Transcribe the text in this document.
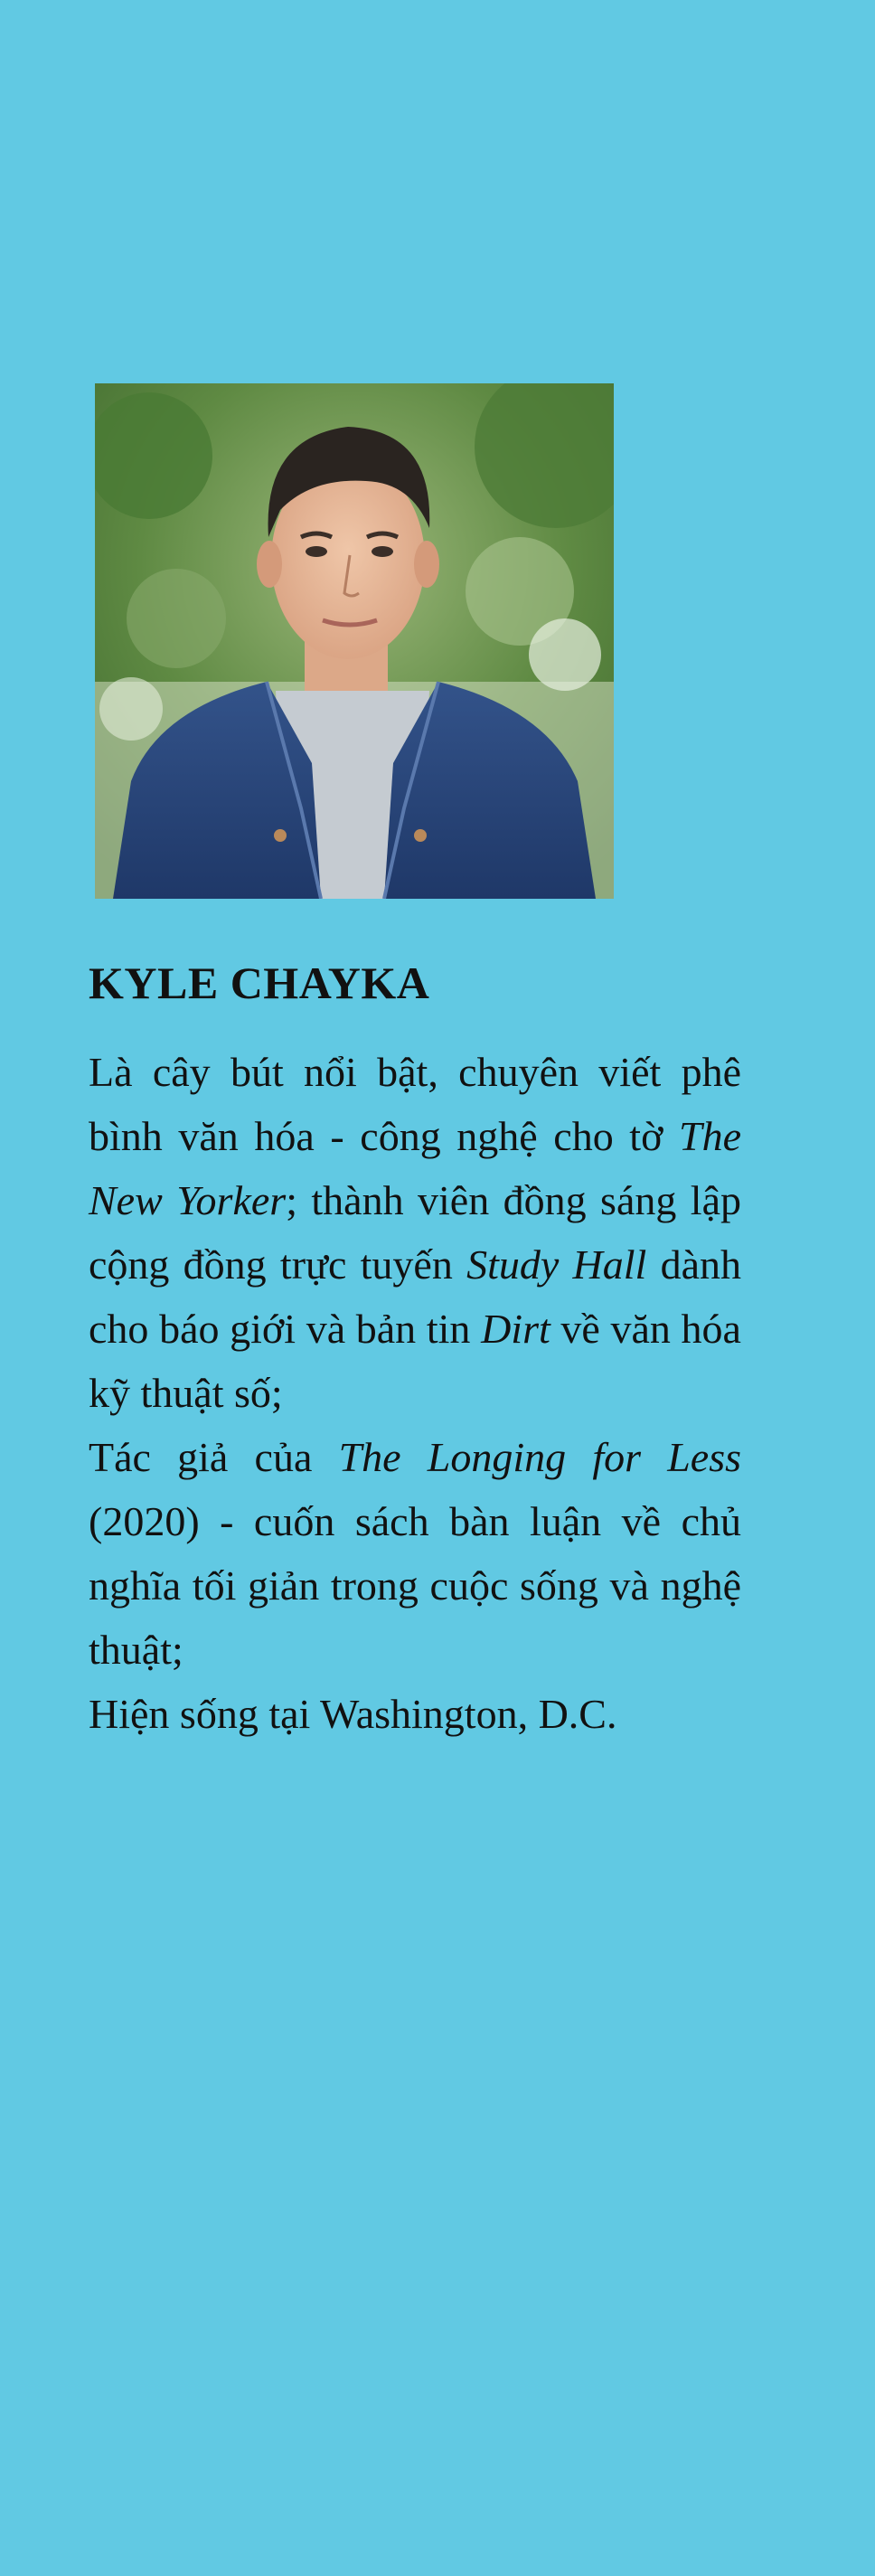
KYLE CHAYKA

Là cây bút nổi bật, chuyên viết phê bình văn hóa - công nghệ cho tờ The New Yorker; thành viên đồng sáng lập cộng đồng trực tuyến Study Hall dành cho báo giới và bản tin Dirt về văn hóa kỹ thuật số;

Tác giả của The Longing for Less (2020) - cuốn sách bàn luận về chủ nghĩa tối giản trong cuộc sống và nghệ thuật;

Hiện sống tại Washington, D.C.
